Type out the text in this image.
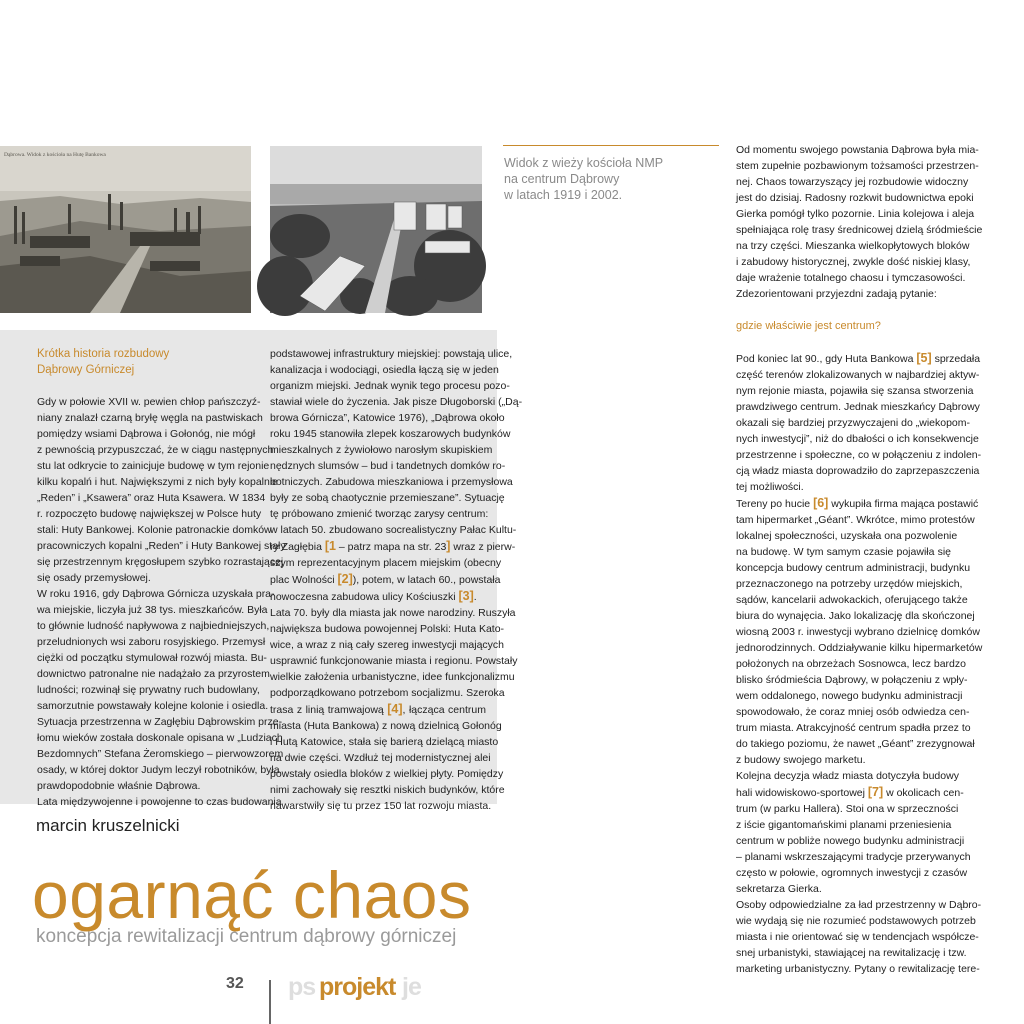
Dąbrowa. Widok z kościoła na Hutę Bankowa
Widok z wieży kościoła NMP
na centrum Dąbrowy
w latach 1919 i 2002.
Krótka historia rozbudowy
Dąbrowy Górniczej
Gdy w połowie XVII w. pewien chłop pańszczyź-
niany znalazł czarną bryłę węgla na pastwiskach
pomiędzy wsiami Dąbrowa i Gołonóg, nie mógł
z pewnością przypuszczać, że w ciągu następnych
stu lat odkrycie to zainicjuje budowę w tym rejonie
kilku kopalń i hut. Największymi z nich były kopalnie
„Reden” i „Ksawera” oraz Huta Ksawera. W 1834
r. rozpoczęto budowę największej w Polsce huty
stali: Huty Bankowej. Kolonie patronackie domków
pracowniczych kopalni „Reden” i Huty Bankowej stały
się przestrzennym kręgosłupem szybko rozrastającej
się osady przemysłowej.
W roku 1916, gdy Dąbrowa Górnicza uzyskała pra-
wa miejskie, liczyła już 38 tys. mieszkańców. Była
to głównie ludność napływowa z najbiedniejszych,
przeludnionych wsi zaboru rosyjskiego. Przemysł
ciężki od początku stymulował rozwój miasta. Bu-
downictwo patronalne nie nadążało za przyrostem
ludności; rozwinął się prywatny ruch budowlany,
samorzutnie powstawały kolejne kolonie i osiedla.
Sytuacja przestrzenna w Zagłębiu Dąbrowskim prze-
łomu wieków została doskonale opisana w „Ludziach
Bezdomnych” Stefana Żeromskiego – pierwowzorem
osady, w której doktor Judym leczył robotników, była
prawdopodobnie właśnie Dąbrowa.
Lata międzywojenne i powojenne to czas budowania
podstawowej infrastruktury miejskiej: powstają ulice,
kanalizacja i wodociągi, osiedla łączą się w jeden
organizm miejski. Jednak wynik tego procesu pozo-
stawiał wiele do życzenia. Jak pisze Długoborski („Dą-
browa Górnicza”, Katowice 1976), „Dąbrowa około
roku 1945 stanowiła zlepek koszarowych budynków
mieszkalnych z żywiołowo narosłym skupiskiem
nędznych slumsów – bud i tandetnych domków ro-
botniczych. Zabudowa mieszkaniowa i przemysłowa
były ze sobą chaotycznie przemieszane”. Sytuację
tę próbowano zmienić tworząc zarysy centrum:
w latach 50. zbudowano socrealistyczny Pałac Kultu-
ry Zagłębia [1 – patrz mapa na str. 23] wraz z pierw-
szym reprezentacyjnym placem miejskim (obecny
plac Wolności [2]), potem, w latach 60., powstała
nowoczesna zabudowa ulicy Kościuszki [3].
Lata 70. były dla miasta jak nowe narodziny. Ruszyła
największa budowa powojennej Polski: Huta Kato-
wice, a wraz z nią cały szereg inwestycji mających
usprawnić funkcjonowanie miasta i regionu. Powstały
wielkie założenia urbanistyczne, idee funkcjonalizmu
podporządkowano potrzebom socjalizmu. Szeroka
trasa z linią tramwajową [4], łącząca centrum
miasta (Huta Bankowa) z nową dzielnicą Gołonóg
i Hutą Katowice, stała się barierą dzielącą miasto
na dwie części. Wzdłuż tej modernistycznej alei
powstały osiedla bloków z wielkiej płyty. Pomiędzy
nimi zachowały się resztki niskich budynków, które
nawarstwiły się tu przez 150 lat rozwoju miasta.
Od momentu swojego powstania Dąbrowa była mia-
stem zupełnie pozbawionym tożsamości przestrzen-
nej. Chaos towarzyszący jej rozbudowie widoczny
jest do dzisiaj. Radosny rozkwit budownictwa epoki
Gierka pomógł tylko pozornie. Linia kolejowa i aleja
spełniająca rolę trasy średnicowej dzielą śródmieście
na trzy części. Mieszanka wielkopłytowych bloków
i zabudowy historycznej, zwykle dość niskiej klasy,
daje wrażenie totalnego chaosu i tymczasowości.
Zdezorientowani przyjezdni zadają pytanie:
gdzie właściwie jest centrum?
Pod koniec lat 90., gdy Huta Bankowa [5] sprzedała
część terenów zlokalizowanych w najbardziej aktyw-
nym rejonie miasta, pojawiła się szansa stworzenia
prawdziwego centrum. Jednak mieszkańcy Dąbrowy
okazali się bardziej przyzwyczajeni do „wiekopom-
nych inwestycji”, niż do dbałości o ich konsekwencje
przestrzenne i społeczne, co w połączeniu z indolen-
cją władz miasta doprowadziło do zaprzepaszczenia
tej możliwości.
Tereny po hucie [6] wykupiła firma mająca postawić
tam hipermarket „Géant”. Wkrótce, mimo protestów
lokalnej społeczności, uzyskała ona pozwolenie
na budowę. W tym samym czasie pojawiła się
koncepcja budowy centrum administracji, budynku
przeznaczonego na potrzeby urzędów miejskich,
sądów, kancelarii adwokackich, oferującego także
biura do wynajęcia. Jako lokalizację dla skończonej
wiosną 2003 r. inwestycji wybrano dzielnicę domków
jednorodzinnych. Oddziaływanie kilku hipermarketów
położonych na obrzeżach Sosnowca, lecz bardzo
blisko śródmieścia Dąbrowy, w połączeniu z wpły-
wem oddalonego, nowego budynku administracji
spowodowało, że coraz mniej osób odwiedza cen-
trum miasta. Atrakcyjność centrum spadła przez to
do takiego poziomu, że nawet „Géant” zrezygnował
z budowy swojego marketu.
Kolejna decyzja władz miasta dotyczyła budowy
hali widowiskowo-sportowej [7] w okolicach cen-
trum (w parku Hallera). Stoi ona w sprzeczności
z iście gigantomańskimi planami przeniesienia
centrum w pobliże nowego budynku administracji
– planami wskrzeszającymi tradycje przerywanych
często w połowie, ogromnych inwestycji z czasów
sekretarza Gierka.
Osoby odpowiedzialne za ład przestrzenny w Dąbro-
wie wydają się nie rozumieć podstawowych potrzeb
miasta i nie orientować się w tendencjach współcze-
snej urbanistyki, stawiającej na rewitalizację i tzw.
marketing urbanistyczny. Pytany o rewitalizację tere-
marcin kruszelnicki
ogarnąć chaos
koncepcja rewitalizacji centrum dąbrowy górniczej
32 ps projekt je
